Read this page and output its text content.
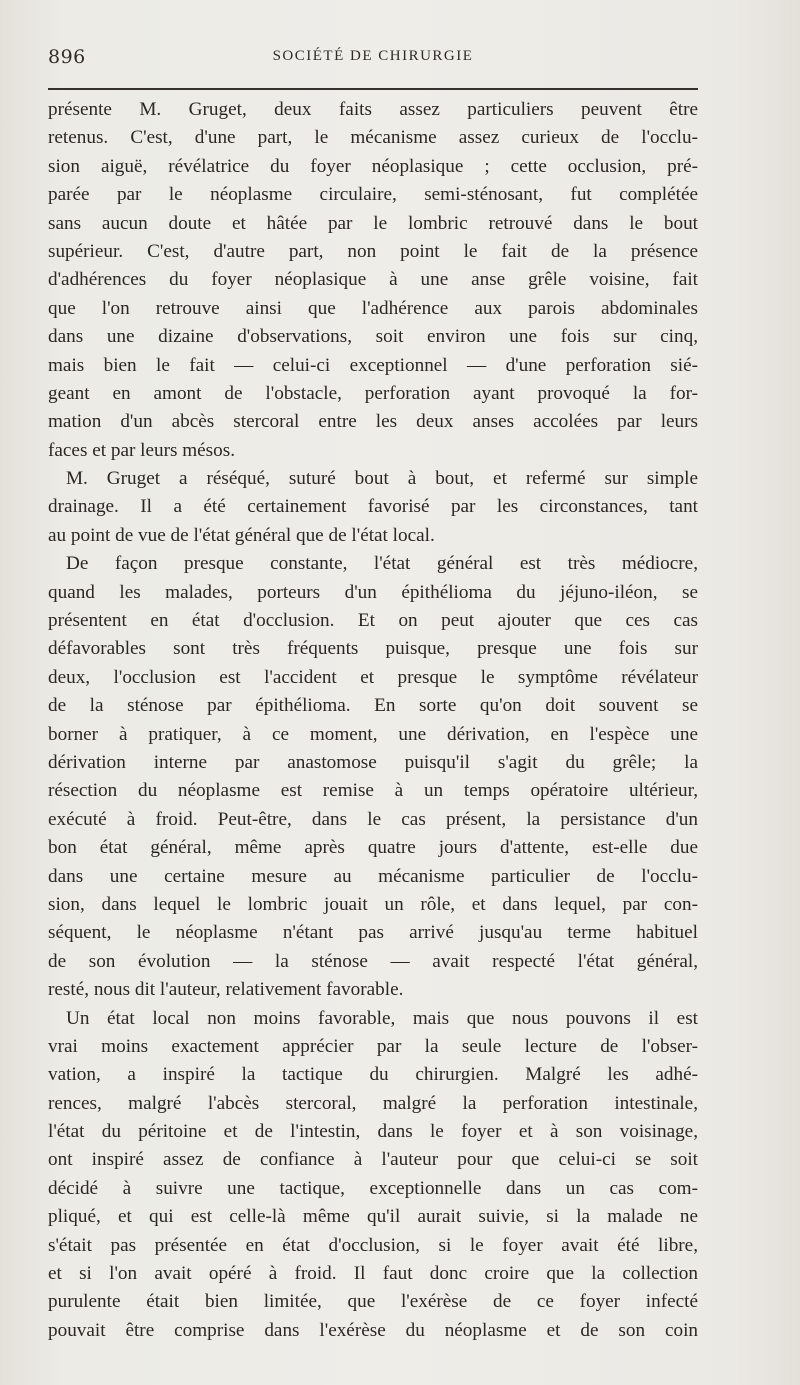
896	SOCIÉTÉ DE CHIRURGIE
présente M. Gruget, deux faits assez particuliers peuvent être
retenus. C'est, d'une part, le mécanisme assez curieux de l'occlu-
sion aiguë, révélatrice du foyer néoplasique ; cette occlusion, pré-
parée par le néoplasme circulaire, semi-sténosant, fut complétée
sans aucun doute et hâtée par le lombric retrouvé dans le bout
supérieur. C'est, d'autre part, non point le fait de la présence
d'adhérences du foyer néoplasique à une anse grêle voisine, fait
que l'on retrouve ainsi que l'adhérence aux parois abdominales
dans une dizaine d'observations, soit environ une fois sur cinq,
mais bien le fait — celui-ci exceptionnel — d'une perforation sié-
geant en amont de l'obstacle, perforation ayant provoqué la for-
mation d'un abcès stercoral entre les deux anses accolées par leurs
faces et par leurs mésos.
M. Gruget a réséqué, suturé bout à bout, et refermé sur simple
drainage. Il a été certainement favorisé par les circonstances, tant
au point de vue de l'état général que de l'état local.
De façon presque constante, l'état général est très médiocre,
quand les malades, porteurs d'un épithélioma du jéjuno-iléon, se
présentent en état d'occlusion. Et on peut ajouter que ces cas
défavorables sont très fréquents puisque, presque une fois sur
deux, l'occlusion est l'accident et presque le symptôme révélateur
de la sténose par épithélioma. En sorte qu'on doit souvent se
borner à pratiquer, à ce moment, une dérivation, en l'espèce une
dérivation interne par anastomose puisqu'il s'agit du grêle; la
résection du néoplasme est remise à un temps opératoire ultérieur,
exécuté à froid. Peut-être, dans le cas présent, la persistance d'un
bon état général, même après quatre jours d'attente, est-elle due
dans une certaine mesure au mécanisme particulier de l'occlu-
sion, dans lequel le lombric jouait un rôle, et dans lequel, par con-
séquent, le néoplasme n'étant pas arrivé jusqu'au terme habituel
de son évolution — la sténose — avait respecté l'état général,
resté, nous dit l'auteur, relativement favorable.
Un état local non moins favorable, mais que nous pouvons il est
vrai moins exactement apprécier par la seule lecture de l'obser-
vation, a inspiré la tactique du chirurgien. Malgré les adhé-
rences, malgré l'abcès stercoral, malgré la perforation intestinale,
l'état du péritoine et de l'intestin, dans le foyer et à son voisinage,
ont inspiré assez de confiance à l'auteur pour que celui-ci se soit
décidé à suivre une tactique, exceptionnelle dans un cas com-
pliqué, et qui est celle-là même qu'il aurait suivie, si la malade ne
s'était pas présentée en état d'occlusion, si le foyer avait été libre,
et si l'on avait opéré à froid. Il faut donc croire que la collection
purulente était bien limitée, que l'exérèse de ce foyer infecté
pouvait être comprise dans l'exérèse du néoplasme et de son coin
